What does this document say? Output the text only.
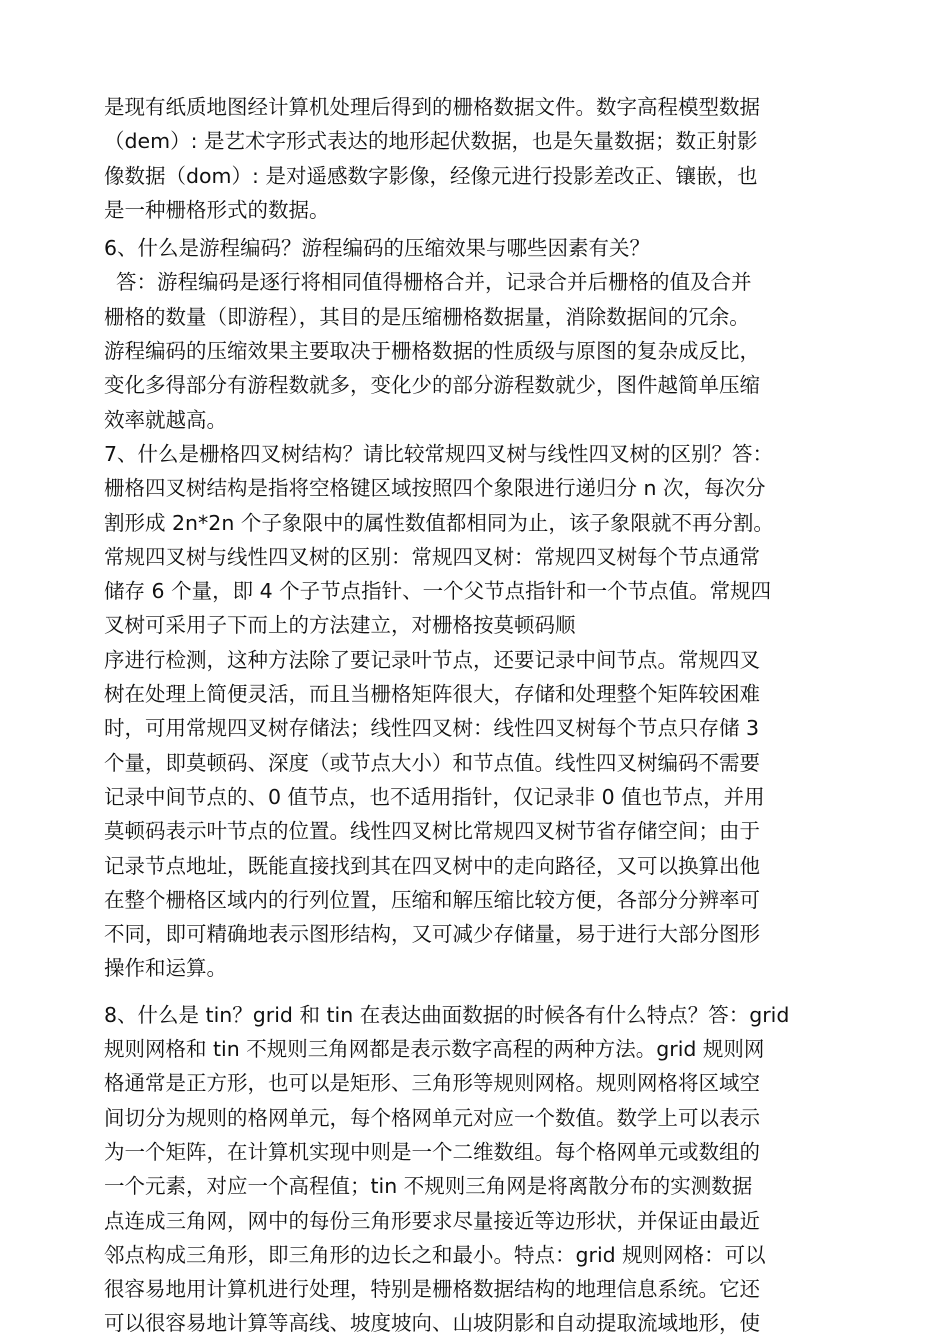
是现有纸质地图经计算机处理后得到的栅格数据文件。数字高程模型数据
（dem）: 是艺术字形式表达的地形起伏数据，也是矢量数据；数正射影
像数据（dom）: 是对遥感数字影像，经像元进行投影差改正、镶嵌，也
是一种栅格形式的数据。
6、什么是游程编码？游程编码的压缩效果与哪些因素有关？
答：游程编码是逐行将相同值得栅格合并，记录合并后栅格的值及合并
栅格的数量（即游程），其目的是压缩栅格数据量，消除数据间的冗余。
游程编码的压缩效果主要取决于栅格数据的性质级与原图的复杂成反比，
变化多得部分有游程数就多，变化少的部分游程数就少，图件越简单压缩
效率就越高。
7、什么是栅格四叉树结构？请比较常规四叉树与线性四叉树的区别？答：
栅格四叉树结构是指将空格键区域按照四个象限进行递归分 n 次，每次分
割形成 2n*2n 个子象限中的属性数值都相同为止，该子象限就不再分割。
常规四叉树与线性四叉树的区别：常规四叉树：常规四叉树每个节点通常
储存 6 个量，即 4 个子节点指针、一个父节点指针和一个节点值。常规四
叉树可采用子下而上的方法建立，对栅格按莫顿码顺
序进行检测，这种方法除了要记录叶节点，还要记录中间节点。常规四叉
树在处理上简便灵活，而且当栅格矩阵很大，存储和处理整个矩阵较困难
时，可用常规四叉树存储法；线性四叉树：线性四叉树每个节点只存储 3
个量，即莫顿码、深度（或节点大小）和节点值。线性四叉树编码不需要
记录中间节点的、0 值节点，也不适用指针，仅记录非 0 值也节点，并用
莫顿码表示叶节点的位置。线性四叉树比常规四叉树节省存储空间；由于
记录节点地址，既能直接找到其在四叉树中的走向路径，又可以换算出他
在整个栅格区域内的行列位置，压缩和解压缩比较方便，各部分分辨率可
不同，即可精确地表示图形结构，又可减少存储量，易于进行大部分图形
操作和运算。
8、什么是 tin？grid 和 tin 在表达曲面数据的时候各有什么特点？答：grid
规则网格和 tin 不规则三角网都是表示数字高程的两种方法。grid 规则网
格通常是正方形，也可以是矩形、三角形等规则网格。规则网格将区域空
间切分为规则的格网单元，每个格网单元对应一个数值。数学上可以表示
为一个矩阵，在计算机实现中则是一个二维数组。每个格网单元或数组的
一个元素，对应一个高程值；tin 不规则三角网是将离散分布的实测数据
点连成三角网，网中的每份三角形要求尽量接近等边形状，并保证由最近
邻点构成三角形，即三角形的边长之和最小。特点：grid 规则网格：可以
很容易地用计算机进行处理，特别是栅格数据结构的地理信息系统。它还
可以很容易地计算等高线、坡度坡向、山坡阴影和自动提取流域地形，使
